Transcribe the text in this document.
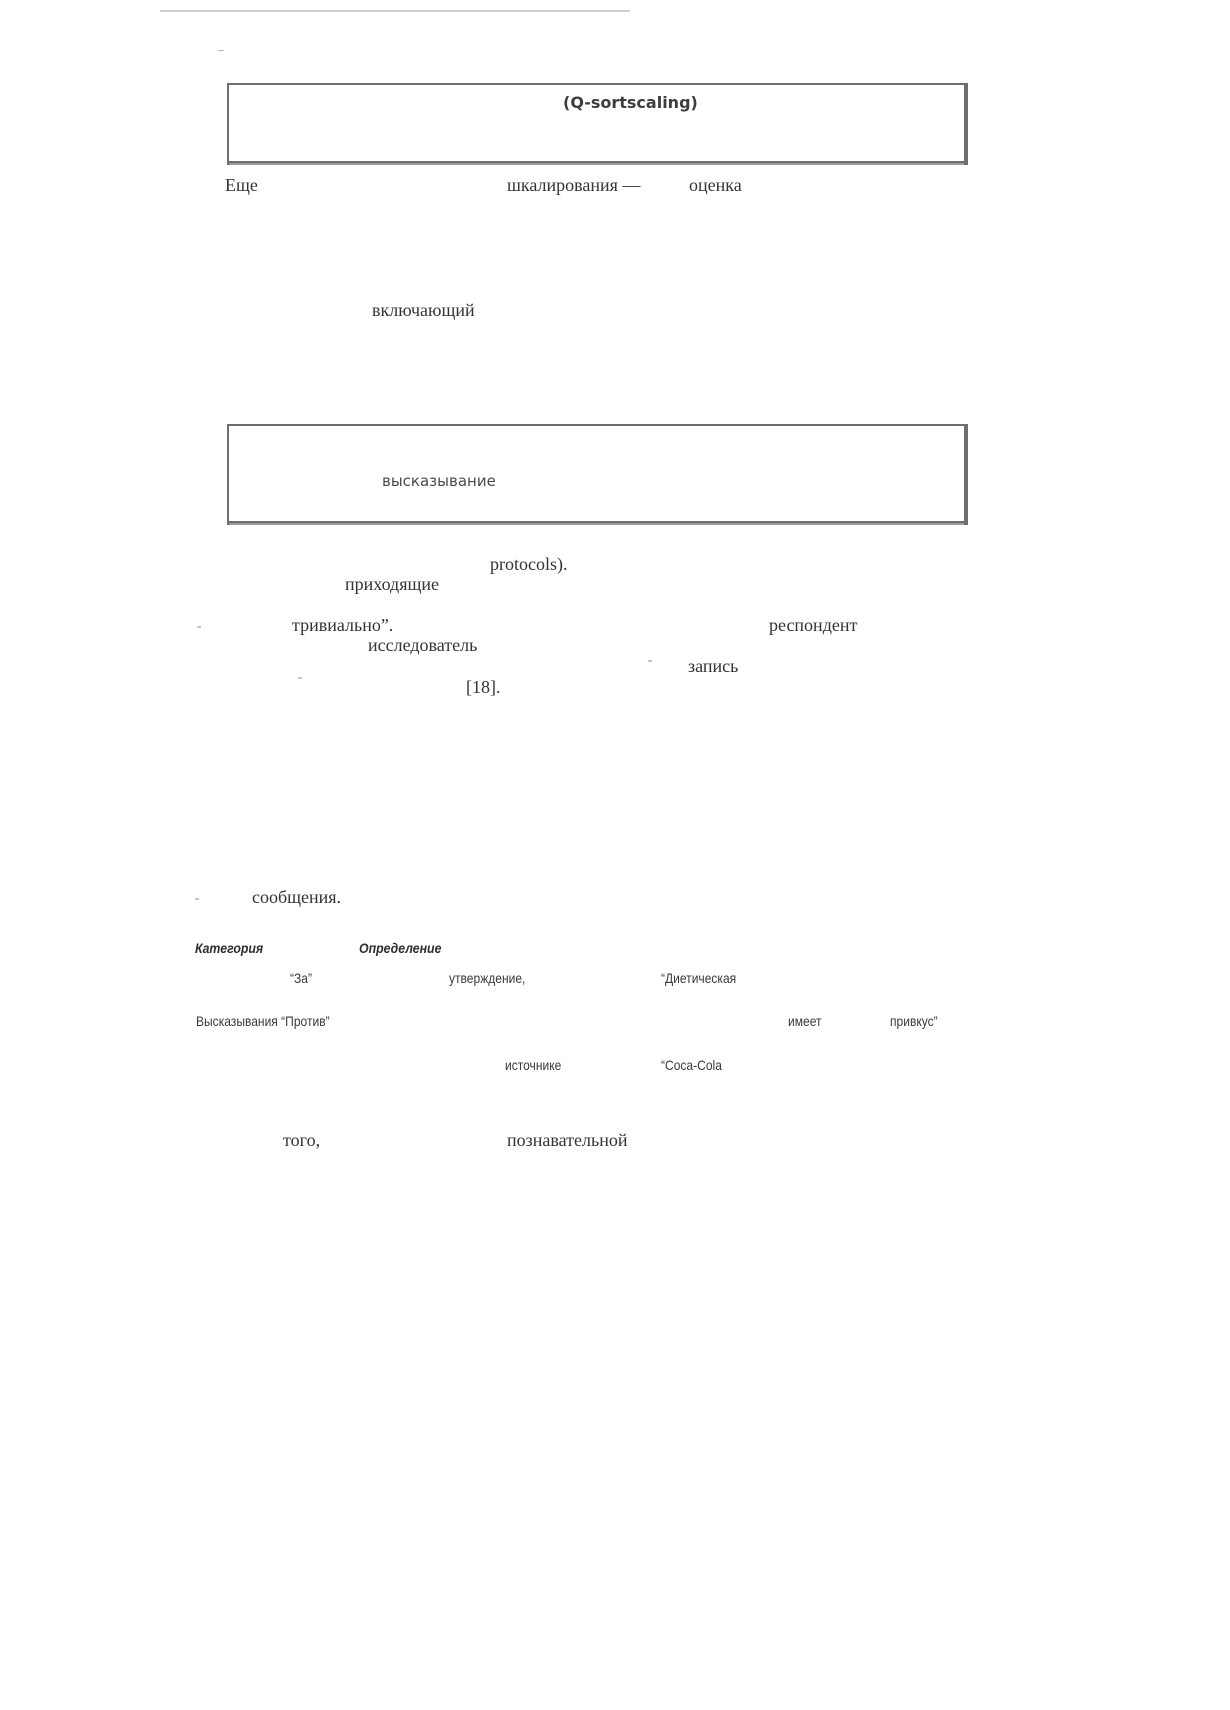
(Q-sortscaling)
Еще	шкалирования —	оценка
включающий
высказывание
protocols).
приходящие
тривиально”.	респондент
исследователь
запись
[18].
сообщения.
Категория	Определение
“За”	утверждение,	“Диетическая
Высказывания “Против”	имеет	привкус”
источнике	“Coca-Cola
того,	познавательной
